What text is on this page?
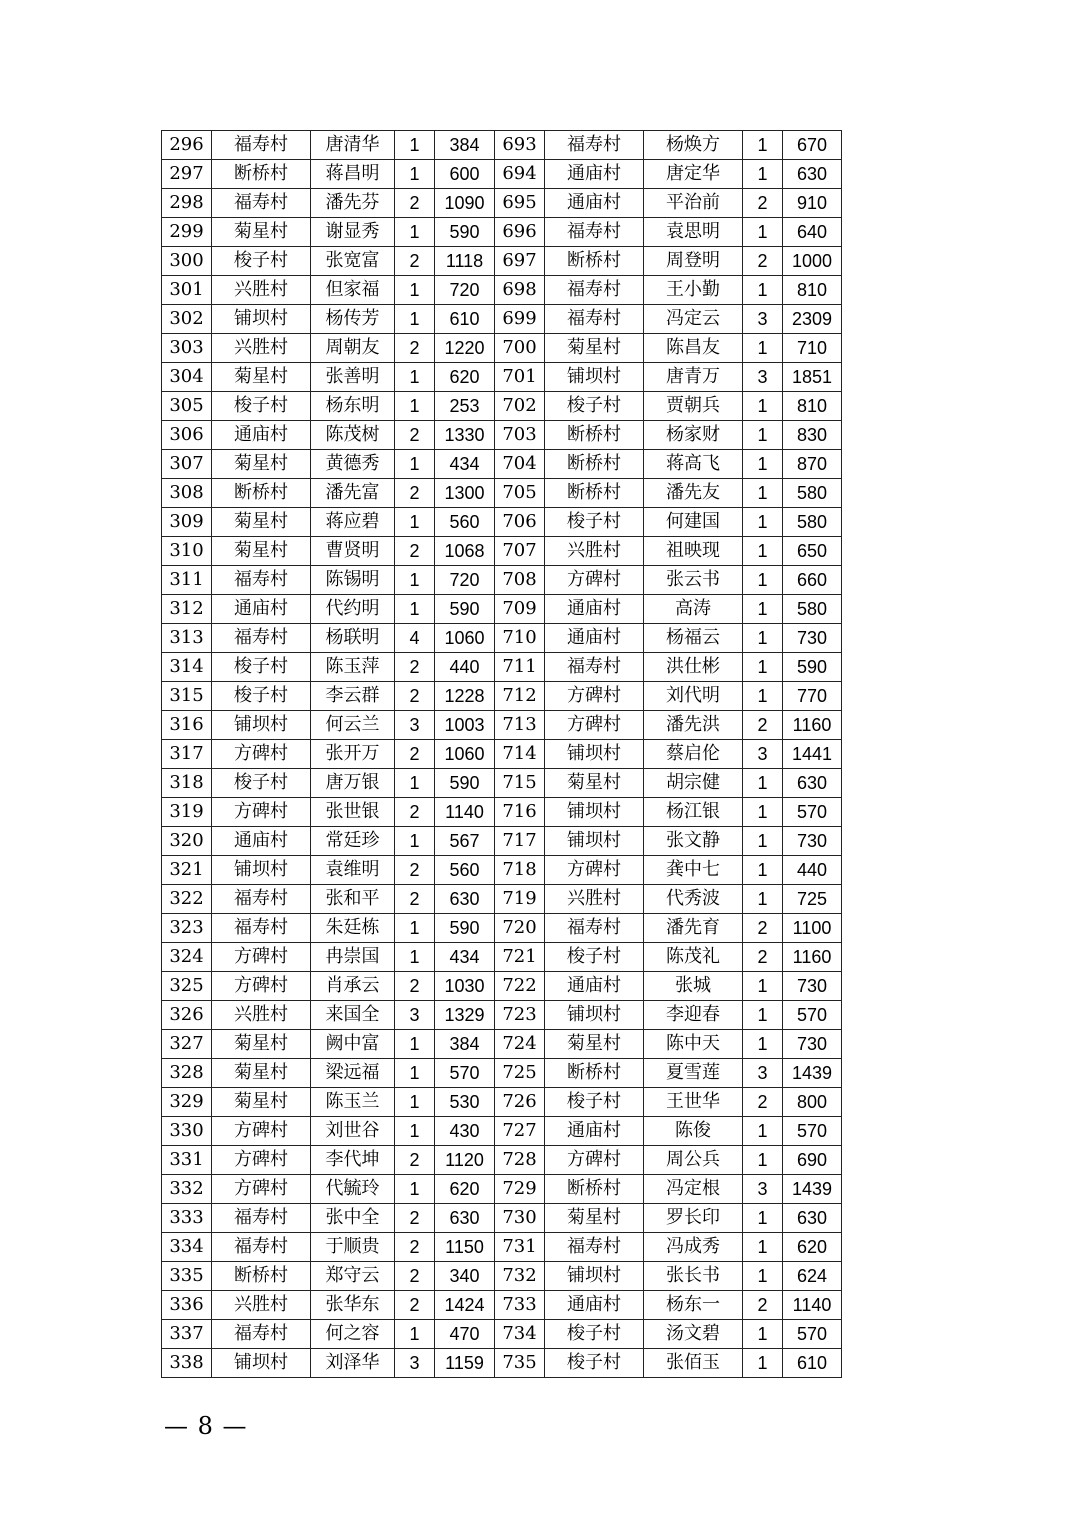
296	福寿村	唐清华	1	384	693	福寿村	杨焕方	1	670
297	断桥村	蒋昌明	1	600	694	通庙村	唐定华	1	630
298	福寿村	潘先芬	2	1090	695	通庙村	平治前	2	910
299	菊星村	谢显秀	1	590	696	福寿村	袁思明	1	640
300	梭子村	张宽富	2	1118	697	断桥村	周登明	2	1000
301	兴胜村	但家福	1	720	698	福寿村	王小勤	1	810
302	铺坝村	杨传芳	1	610	699	福寿村	冯定云	3	2309
303	兴胜村	周朝友	2	1220	700	菊星村	陈昌友	1	710
304	菊星村	张善明	1	620	701	铺坝村	唐青万	3	1851
305	梭子村	杨东明	1	253	702	梭子村	贾朝兵	1	810
306	通庙村	陈茂树	2	1330	703	断桥村	杨家财	1	830
307	菊星村	黄德秀	1	434	704	断桥村	蒋高飞	1	870
308	断桥村	潘先富	2	1300	705	断桥村	潘先友	1	580
309	菊星村	蒋应碧	1	560	706	梭子村	何建国	1	580
310	菊星村	曹贤明	2	1068	707	兴胜村	祖映现	1	650
311	福寿村	陈锡明	1	720	708	方碑村	张云书	1	660
312	通庙村	代约明	1	590	709	通庙村	高涛	1	580
313	福寿村	杨联明	4	1060	710	通庙村	杨福云	1	730
314	梭子村	陈玉萍	2	440	711	福寿村	洪仕彬	1	590
315	梭子村	李云群	2	1228	712	方碑村	刘代明	1	770
316	铺坝村	何云兰	3	1003	713	方碑村	潘先洪	2	1160
317	方碑村	张开万	2	1060	714	铺坝村	蔡启伦	3	1441
318	梭子村	唐万银	1	590	715	菊星村	胡宗健	1	630
319	方碑村	张世银	2	1140	716	铺坝村	杨江银	1	570
320	通庙村	常廷珍	1	567	717	铺坝村	张文静	1	730
321	铺坝村	袁维明	2	560	718	方碑村	龚中七	1	440
322	福寿村	张和平	2	630	719	兴胜村	代秀波	1	725
323	福寿村	朱廷栋	1	590	720	福寿村	潘先育	2	1100
324	方碑村	冉崇国	1	434	721	梭子村	陈茂礼	2	1160
325	方碑村	肖承云	2	1030	722	通庙村	张城	1	730
326	兴胜村	来国全	3	1329	723	铺坝村	李迎春	1	570
327	菊星村	阙中富	1	384	724	菊星村	陈中天	1	730
328	菊星村	梁远福	1	570	725	断桥村	夏雪莲	3	1439
329	菊星村	陈玉兰	1	530	726	梭子村	王世华	2	800
330	方碑村	刘世谷	1	430	727	通庙村	陈俊	1	570
331	方碑村	李代坤	2	1120	728	方碑村	周公兵	1	690
332	方碑村	代毓玲	1	620	729	断桥村	冯定根	3	1439
333	福寿村	张中全	2	630	730	菊星村	罗长印	1	630
334	福寿村	于顺贵	2	1150	731	福寿村	冯成秀	1	620
335	断桥村	郑守云	2	340	732	铺坝村	张长书	1	624
336	兴胜村	张华东	2	1424	733	通庙村	杨东一	2	1140
337	福寿村	何之容	1	470	734	梭子村	汤文碧	1	570
338	铺坝村	刘泽华	3	1159	735	梭子村	张佰玉	1	610
— 8 —
